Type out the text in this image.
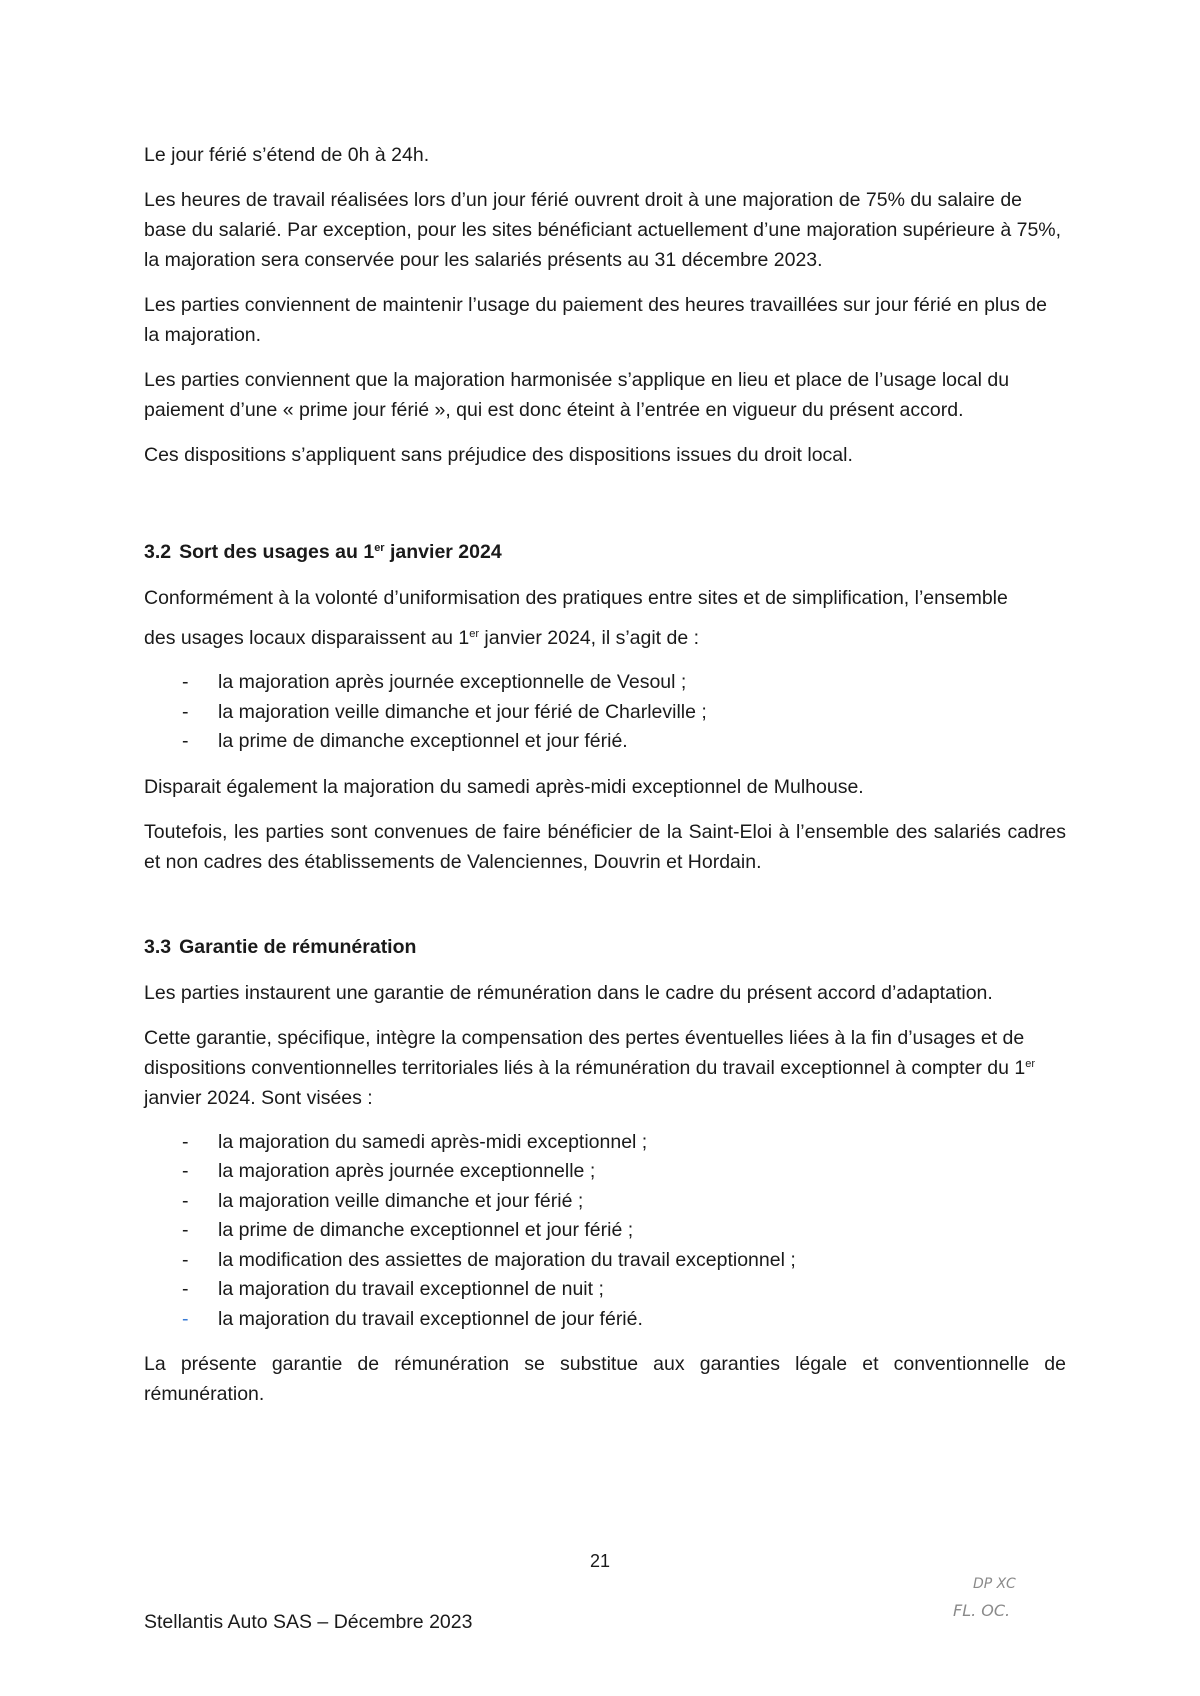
Le jour férié s’étend de 0h à 24h.

Les heures de travail réalisées lors d’un jour férié ouvrent droit à une majoration de 75% du salaire de base du salarié. Par exception, pour les sites bénéficiant actuellement d’une majoration supérieure à 75%, la majoration sera conservée pour les salariés présents au 31 décembre 2023.

Les parties conviennent de maintenir l’usage du paiement des heures travaillées sur jour férié en plus de la majoration.

Les parties conviennent que la majoration harmonisée s’applique en lieu et place de l’usage local du paiement d’une « prime jour férié », qui est donc éteint à l’entrée en vigueur du présent accord.

Ces dispositions s’appliquent sans préjudice des dispositions issues du droit local.

3.2 Sort des usages au 1er janvier 2024

Conformément à la volonté d’uniformisation des pratiques entre sites et de simplification, l’ensemble

des usages locaux disparaissent au 1er janvier 2024, il s’agit de :

- la majoration après journée exceptionnelle de Vesoul ;
- la majoration veille dimanche et jour férié de Charleville ;
- la prime de dimanche exceptionnel et jour férié.

Disparait également la majoration du samedi après-midi exceptionnel de Mulhouse.

Toutefois, les parties sont convenues de faire bénéficier de la Saint-Eloi à l’ensemble des salariés cadres et non cadres des établissements de Valenciennes, Douvrin et Hordain.

3.3 Garantie de rémunération

Les parties instaurent une garantie de rémunération dans le cadre du présent accord d’adaptation.

Cette garantie, spécifique, intègre la compensation des pertes éventuelles liées à la fin d’usages et de dispositions conventionnelles territoriales liés à la rémunération du travail exceptionnel à compter du 1er janvier 2024. Sont visées :

- la majoration du samedi après-midi exceptionnel ;
- la majoration après journée exceptionnelle ;
- la majoration veille dimanche et jour férié ;
- la prime de dimanche exceptionnel et jour férié ;
- la modification des assiettes de majoration du travail exceptionnel ;
- la majoration du travail exceptionnel de nuit ;
- la majoration du travail exceptionnel de jour férié.

La présente garantie de rémunération se substitue aux garanties légale et conventionnelle de rémunération.

21
Stellantis Auto SAS – Décembre 2023
DP XC
FL. OC.
